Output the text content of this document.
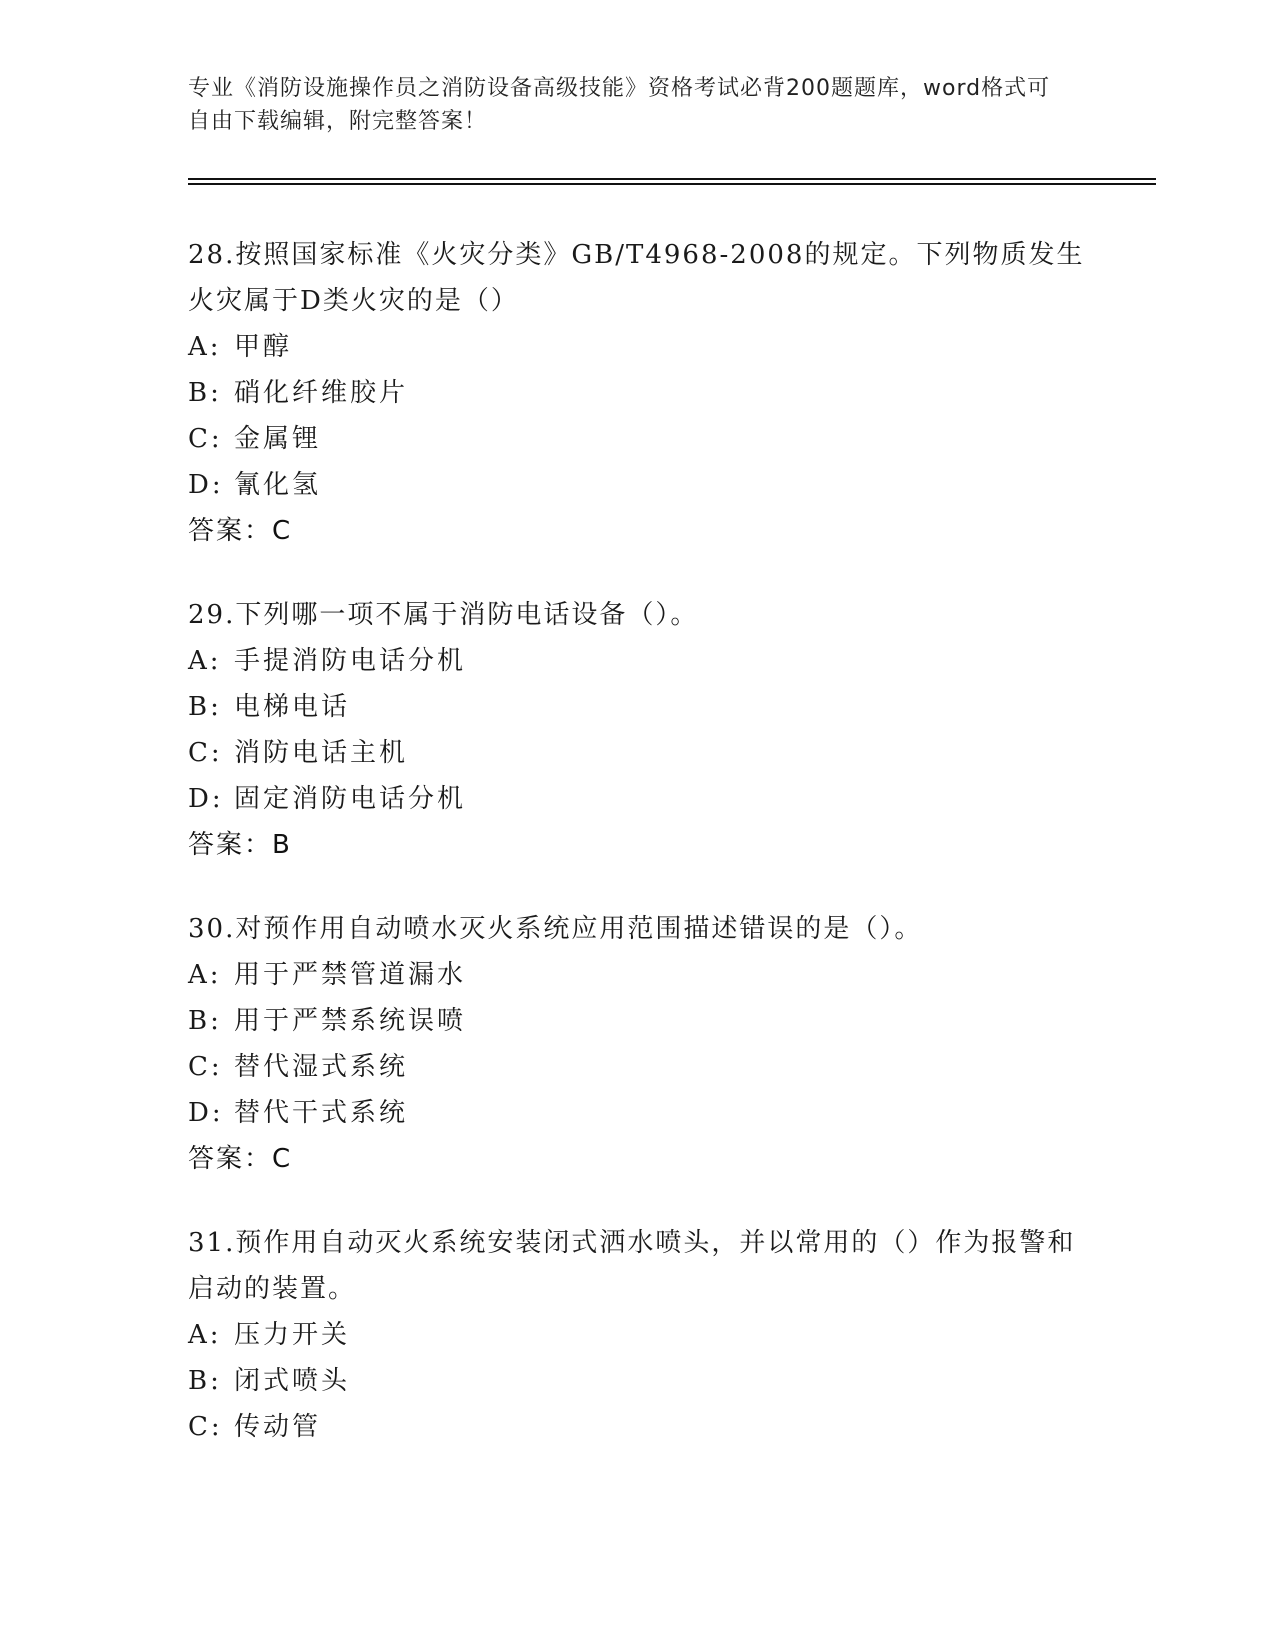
专业《消防设施操作员之消防设备高级技能》资格考试必背200题题库，word格式可自由下载编辑，附完整答案！
28.按照国家标准《火灾分类》GB/T4968-2008的规定。下列物质发生火灾属于D类火灾的是（）
A: 甲醇
B: 硝化纤维胶片
C: 金属锂
D: 氰化氢
答案：C
29.下列哪一项不属于消防电话设备（）。
A: 手提消防电话分机
B: 电梯电话
C: 消防电话主机
D: 固定消防电话分机
答案：B
30.对预作用自动喷水灭火系统应用范围描述错误的是（）。
A: 用于严禁管道漏水
B: 用于严禁系统误喷
C: 替代湿式系统
D: 替代干式系统
答案：C
31.预作用自动灭火系统安装闭式洒水喷头，并以常用的（）作为报警和启动的装置。
A: 压力开关
B: 闭式喷头
C: 传动管
